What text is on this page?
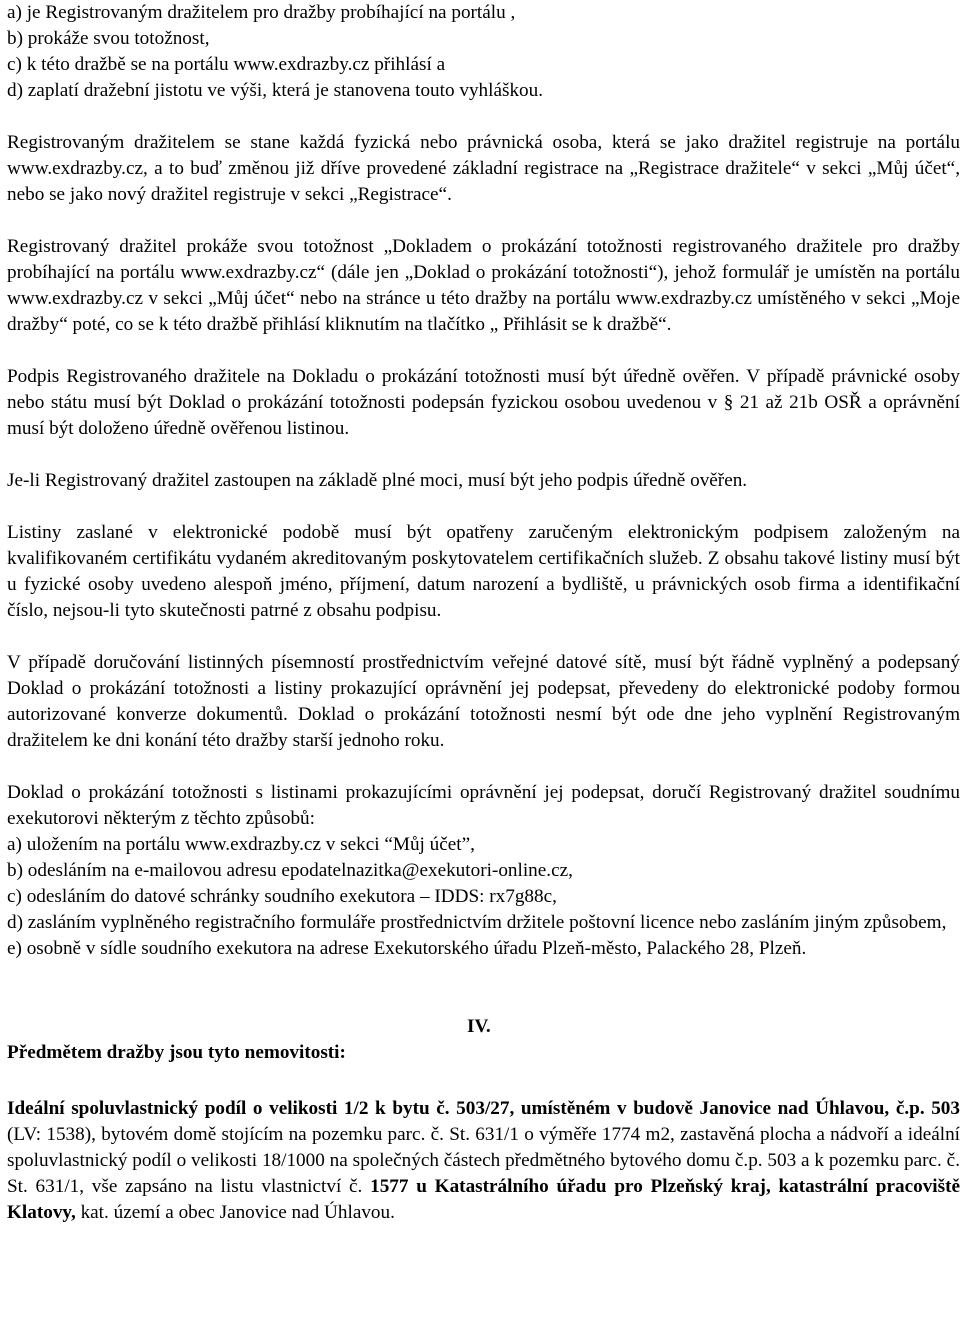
a) je Registrovaným dražitelem pro dražby probíhající na portálu ,
b) prokáže svou totožnost,
c) k této dražbě se na portálu www.exdrazby.cz přihlásí a
d) zaplatí dražební jistotu ve výši, která je stanovena touto vyhláškou.

Registrovaným dražitelem se stane každá fyzická nebo právnická osoba, která se jako dražitel registruje na portálu www.exdrazby.cz, a to buď změnou již dříve provedené základní registrace na „Registrace dražitele“ v sekci „Můj účet“, nebo se jako nový dražitel registruje v sekci „Registrace“.

Registrovaný dražitel prokáže svou totožnost „Dokladem o prokázání totožnosti registrovaného dražitele pro dražby probíhající na portálu www.exdrazby.cz“ (dále jen „Doklad o prokázání totožnosti“), jehož formulář je umístěn na portálu www.exdrazby.cz v sekci „Můj účet“ nebo na stránce u této dražby na portálu www.exdrazby.cz umístěného v sekci „Moje dražby“ poté, co se k této dražbě přihlásí kliknutím na tlačítko „ Přihlásit se k dražbě“.

Podpis Registrovaného dražitele na Dokladu o prokázání totožnosti musí být úředně ověřen. V případě právnické osoby nebo státu musí být Doklad o prokázání totožnosti podepsán fyzickou osobou uvedenou v § 21 až 21b OSŘ a oprávnění musí být doloženo úředně ověřenou listinou.

Je-li Registrovaný dražitel zastoupen na základě plné moci, musí být jeho podpis úředně ověřen.

Listiny zaslané v elektronické podobě musí být opatřeny zaručeným elektronickým podpisem založeným na kvalifikovaném certifikátu vydaném akreditovaným poskytovatelem certifikačních služeb. Z obsahu takové listiny musí být u fyzické osoby uvedeno alespoň jméno, příjmení, datum narození a bydliště, u právnických osob firma a identifikační číslo, nejsou-li tyto skutečnosti patrné z obsahu podpisu.

V případě doručování listinných písemností prostřednictvím veřejné datové sítě, musí být řádně vyplněný a podepsaný Doklad o prokázání totožnosti a listiny prokazující oprávnění jej podepsat, převedeny do elektronické podoby formou autorizované konverze dokumentů. Doklad o prokázání totožnosti nesmí být ode dne jeho vyplnění Registrovaným dražitelem ke dni konání této dražby starší jednoho roku.

Doklad o prokázání totožnosti s listinami prokazujícími oprávnění jej podepsat, doručí Registrovaný dražitel soudnímu exekutorovi některým z těchto způsobů:

a) uložením na portálu www.exdrazby.cz v sekci “Můj účet”,
b) odesláním na e-mailovou adresu epodatelnazitka@exekutori-online.cz,
c) odesláním do datové schránky soudního exekutora – IDDS: rx7g88c,

d) zasláním vyplněného registračního formuláře prostřednictvím držitele poštovní licence nebo zasláním jiným způsobem,

e) osobně v sídle soudního exekutora na adrese Exekutorského úřadu Plzeň-město, Palackého 28, Plzeň.
IV.
Předmětem dražby jsou tyto nemovitosti:

Ideální spoluvlastnický podíl o velikosti 1/2 k bytu č. 503/27, umístěném v budově Janovice nad Úhlavou, č.p. 503 (LV: 1538), bytovém domě stojícím na pozemku parc. č. St. 631/1 o výměře 1774 m2, zastavěná plocha a nádvoří a ideální spoluvlastnický podíl o velikosti 18/1000 na společných částech předmětného bytového domu č.p. 503 a k pozemku parc. č. St. 631/1, vše zapsáno na listu vlastnictví č. 1577 u Katastrálního úřadu pro Plzeňský kraj, katastrální pracoviště Klatovy, kat. území a obec Janovice nad Úhlavou.
